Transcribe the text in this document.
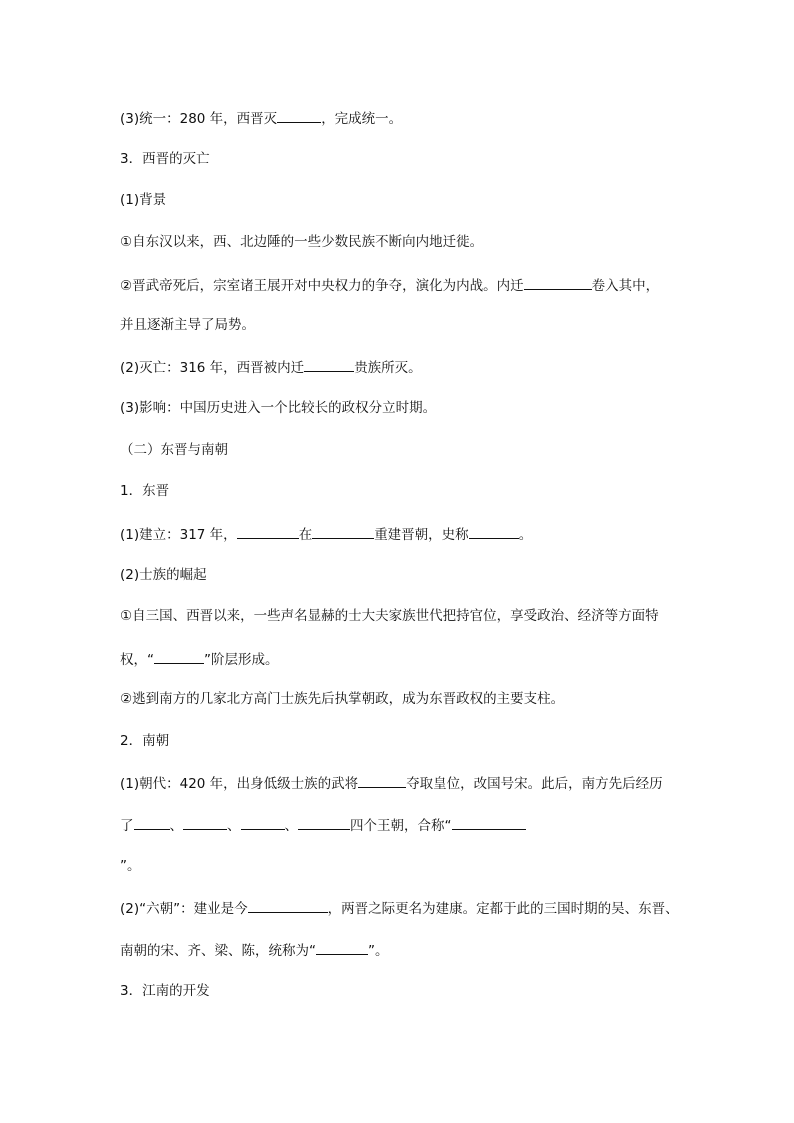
(3)统一：280 年，西晋灭	，完成统一。
3．西晋的灭亡
(1)背景
①自东汉以来，西、北边陲的一些少数民族不断向内地迁徙。
②晋武帝死后，宗室诸王展开对中央权力的争夺，演化为内战。内迁	卷入其中，
并且逐渐主导了局势。
(2)灭亡：316 年，西晋被内迁	贵族所灭。
(3)影响：中国历史进入一个比较长的政权分立时期。
（二）东晋与南朝
1．东晋
(1)建立：317 年，	在	重建晋朝，史称	。
(2)士族的崛起
①自三国、西晋以来，一些声名显赫的士大夫家族世代把持官位，享受政治、经济等方面特
权，“	”阶层形成。
②逃到南方的几家北方高门士族先后执掌朝政，成为东晋政权的主要支柱。
2．南朝
(1)朝代：420 年，出身低级士族的武将	夺取皇位，改国号宋。此后，南方先后经历
了	、	、	、	四个王朝，合称“
”。
(2)“六朝”：建业是今	，两晋之际更名为建康。定都于此的三国时期的吴、东晋、
南朝的宋、齐、梁、陈，统称为“	”。
3．江南的开发
